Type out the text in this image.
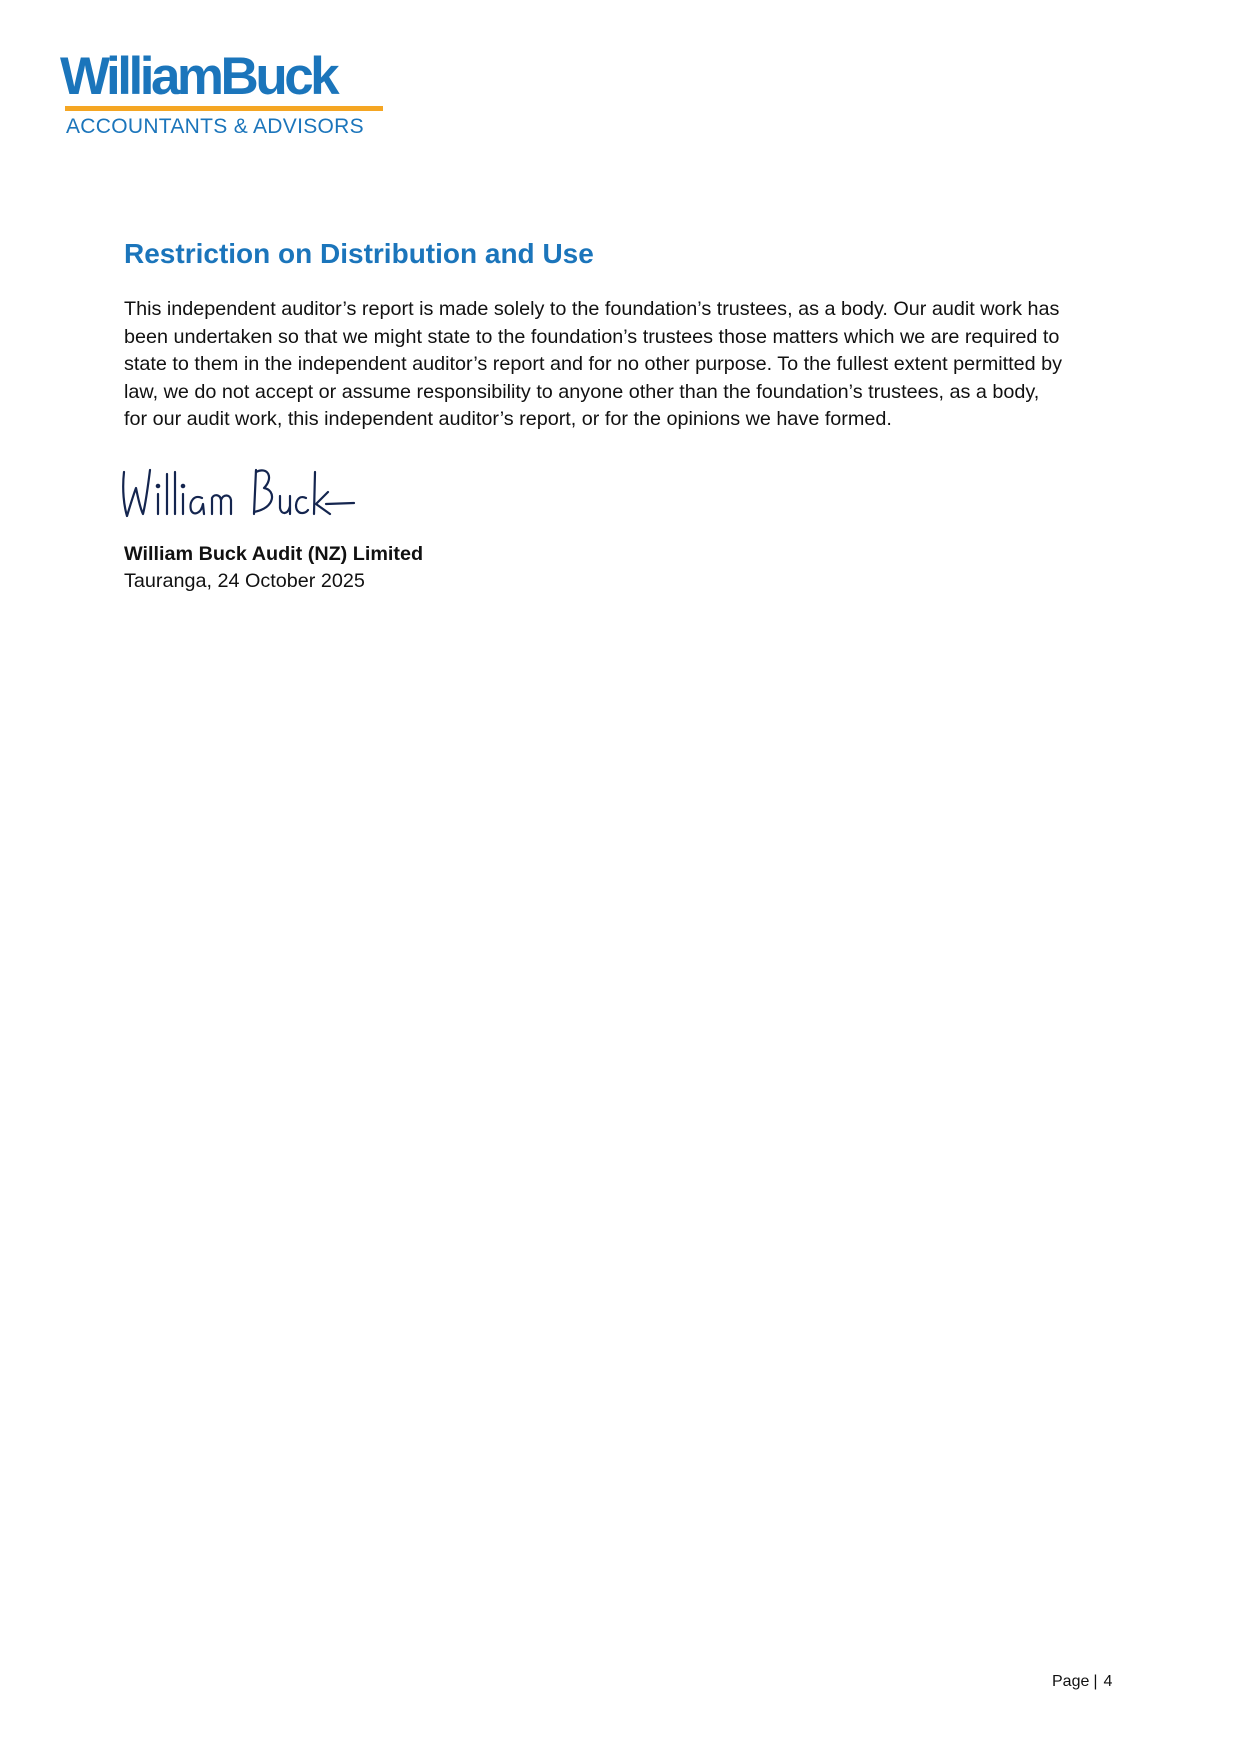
WilliamBuck
ACCOUNTANTS & ADVISORS
Restriction on Distribution and Use

This independent auditor’s report is made solely to the foundation’s trustees, as a body. Our audit work has
been undertaken so that we might state to the foundation’s trustees those matters which we are required to
state to them in the independent auditor’s report and for no other purpose. To the fullest extent permitted by
law, we do not accept or assume responsibility to anyone other than the foundation’s trustees, as a body,
for our audit work, this independent auditor’s report, or for the opinions we have formed.

William Buck Audit (NZ) Limited
Tauranga, 24 October 2025
Page | 4
